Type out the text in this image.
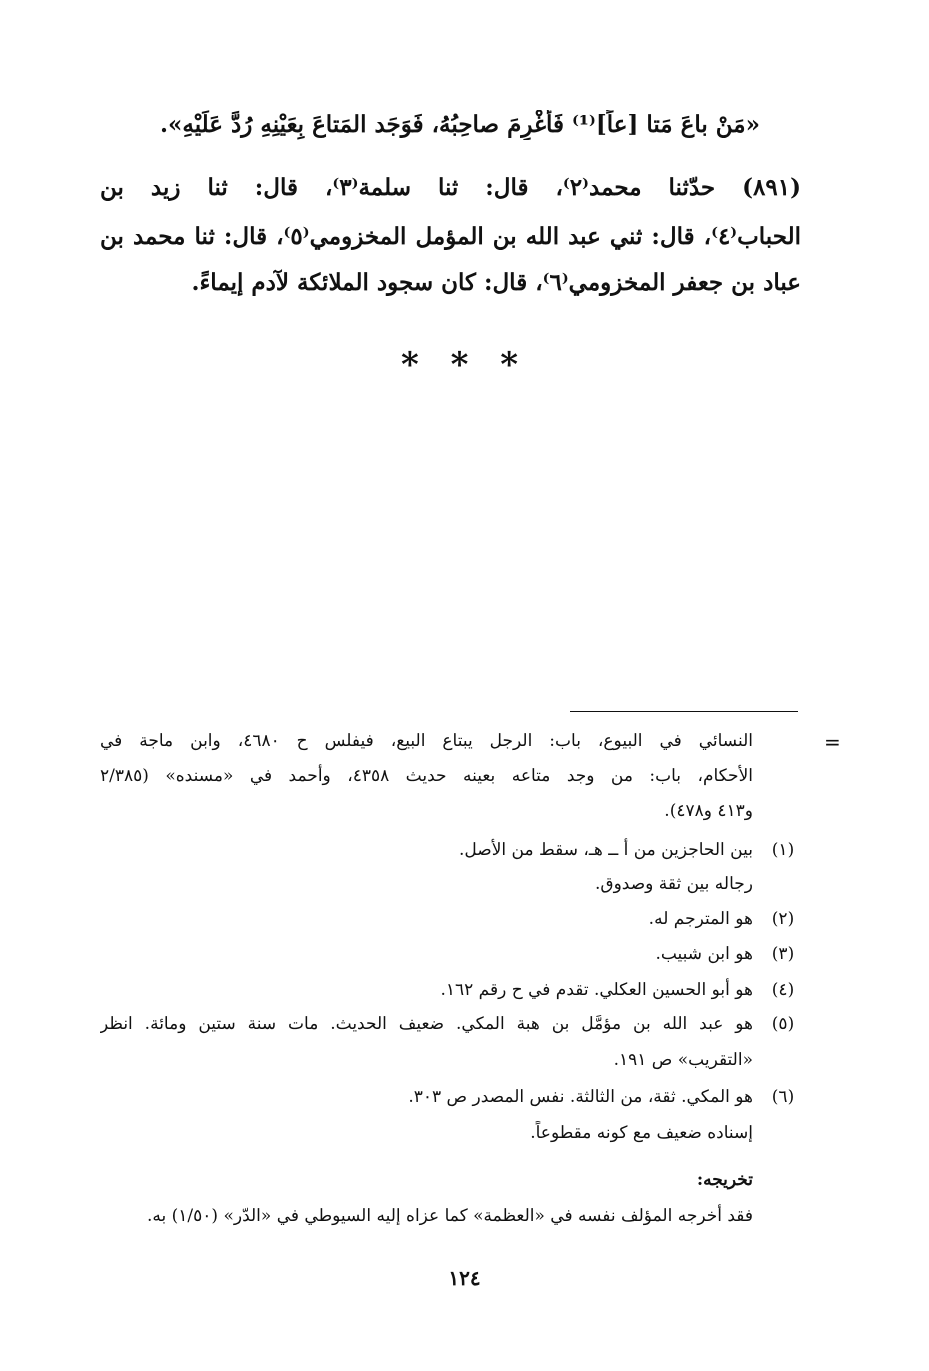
«مَنْ باعَ مَتا [عاً]⁽¹⁾ فَأُغْرِمَ صاحِبُهُ، فَوَجَد المَتاعَ بِعَيْنِهِ رُدَّ عَلَيْهِ».
(٨٩١) حدّثنا محمد⁽٢⁾، قال: ثنا سلمة⁽٣⁾، قال: ثنا زيد بن
الحباب⁽٤⁾، قال: ثني عبد الله بن المؤمل المخزومي⁽٥⁾، قال: ثنا محمد بن
عباد بن جعفر المخزومي⁽٦⁾، قال: كان سجود الملائكة لآدم إيماءً.
* * *
=
النسائي في البيوع، باب: الرجل يبتاع البيع، فيفلس ح ٤٦٨٠، وابن ماجة في
الأحكام، باب: من وجد متاعه بعينه حديث ٤٣٥٨، وأحمد في «مسنده» (٢/٣٨٥
و٤١٣ و٤٧٨).
(١)
بين الحاجزين من أ ــ هـ، سقط من الأصل.
رجاله بين ثقة وصدوق.
(٢)
هو المترجم له.
(٣)
هو ابن شبيب.
(٤)
هو أبو الحسين العكلي. تقدم في ح رقم ١٦٢.
(٥)
هو عبد الله بن مؤمَّل بن هبة المكي. ضعيف الحديث. مات سنة ستين ومائة. انظر
«التقريب» ص ١٩١.
(٦)
هو المكي. ثقة، من الثالثة. نفس المصدر ص ٣٠٣.
إسناده ضعيف مع كونه مقطوعاً.
تخريجه:
فقد أخرجه المؤلف نفسه في «العظمة» كما عزاه إليه السيوطي في «الدّر» (١/٥٠) به.
١٢٤
